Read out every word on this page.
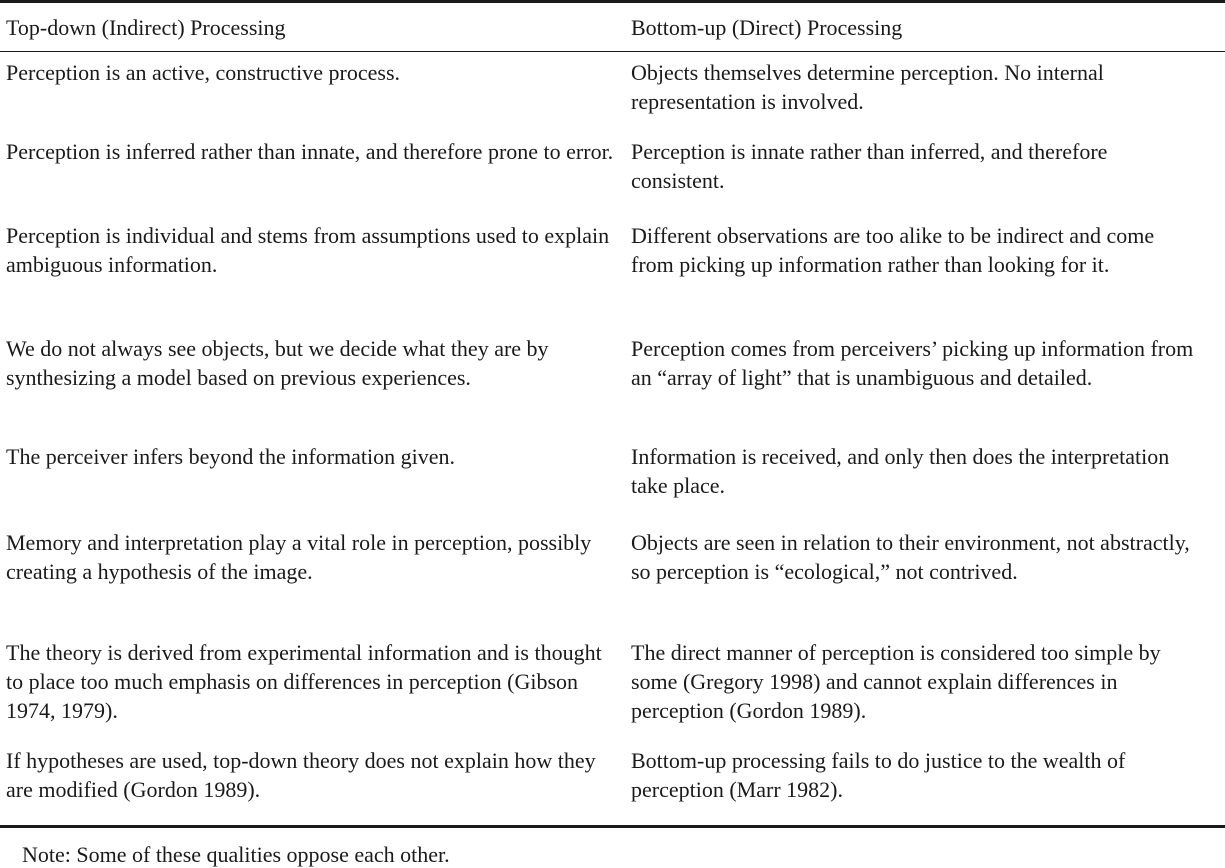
Top-down (Indirect) Processing	Bottom-up (Direct) Processing
Perception is an active, constructive process.	Objects themselves determine perception. No internal representation is involved.
Perception is inferred rather than innate, and therefore prone to error.	Perception is innate rather than inferred, and therefore consistent.
Perception is individual and stems from assumptions used to explain ambiguous information.	Different observations are too alike to be indirect and come from picking up information rather than looking for it.
We do not always see objects, but we decide what they are by synthesizing a model based on previous experiences.	Perception comes from perceivers’ picking up information from an “array of light” that is unambiguous and detailed.
The perceiver infers beyond the information given.	Information is received, and only then does the interpretation take place.
Memory and interpretation play a vital role in perception, possibly creating a hypothesis of the image.	Objects are seen in relation to their environment, not abstractly, so perception is “ecological,” not contrived.
The theory is derived from experimental information and is thought to place too much emphasis on differences in perception (Gibson 1974, 1979).	The direct manner of perception is considered too simple by some (Gregory 1998) and cannot explain differences in perception (Gordon 1989).
If hypotheses are used, top-down theory does not explain how they are modified (Gordon 1989).	Bottom-up processing fails to do justice to the wealth of perception (Marr 1982).
Note: Some of these qualities oppose each other.
